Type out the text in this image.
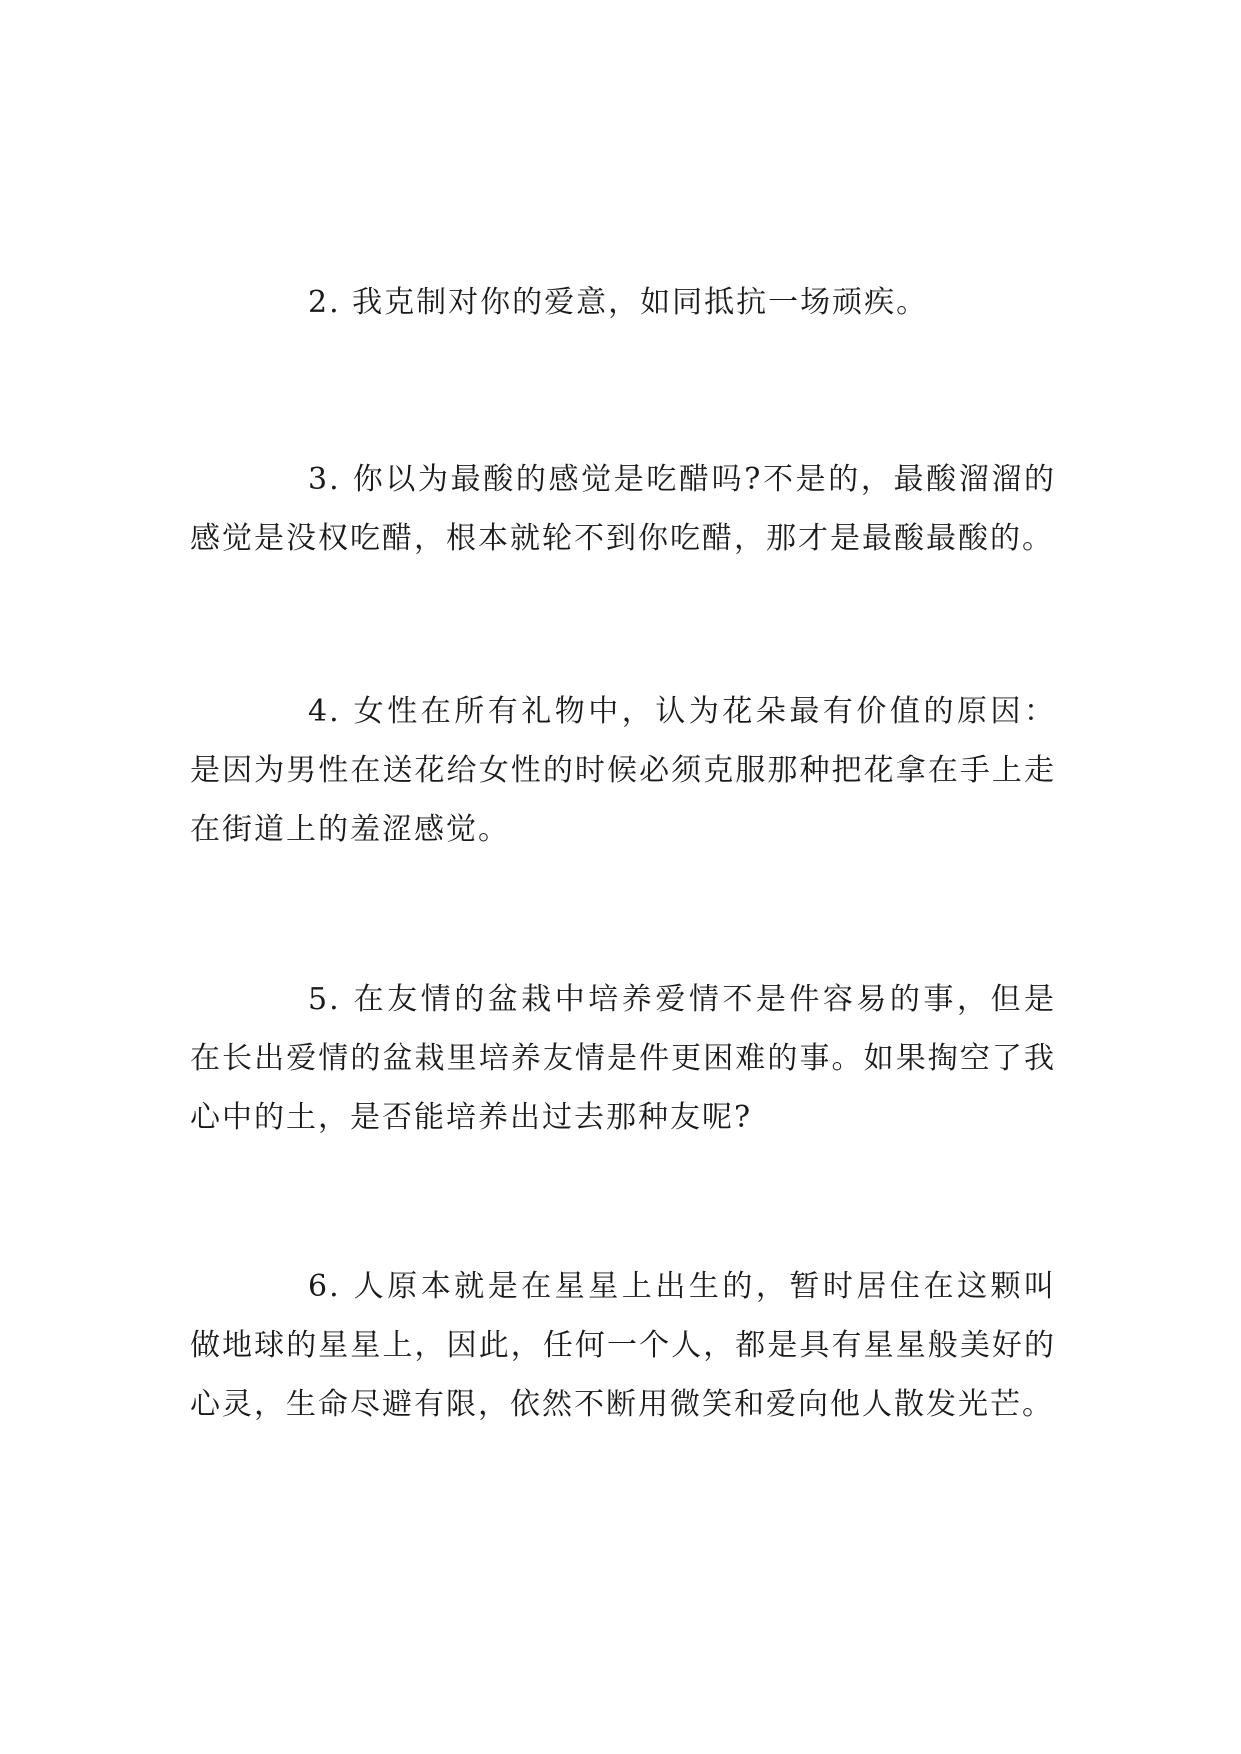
2. 我克制对你的爱意，如同抵抗一场顽疾。

3. 你以为最酸的感觉是吃醋吗?不是的，最酸溜溜的感觉是没权吃醋，根本就轮不到你吃醋，那才是最酸最酸的。

4. 女性在所有礼物中，认为花朵最有价值的原因：是因为男性在送花给女性的时候必须克服那种把花拿在手上走在街道上的羞涩感觉。

5. 在友情的盆栽中培养爱情不是件容易的事，但是在长出爱情的盆栽里培养友情是件更困难的事。如果掏空了我心中的土，是否能培养出过去那种友呢?

6. 人原本就是在星星上出生的，暂时居住在这颗叫做地球的星星上，因此，任何一个人，都是具有星星般美好的心灵，生命尽避有限，依然不断用微笑和爱向他人散发光芒。
